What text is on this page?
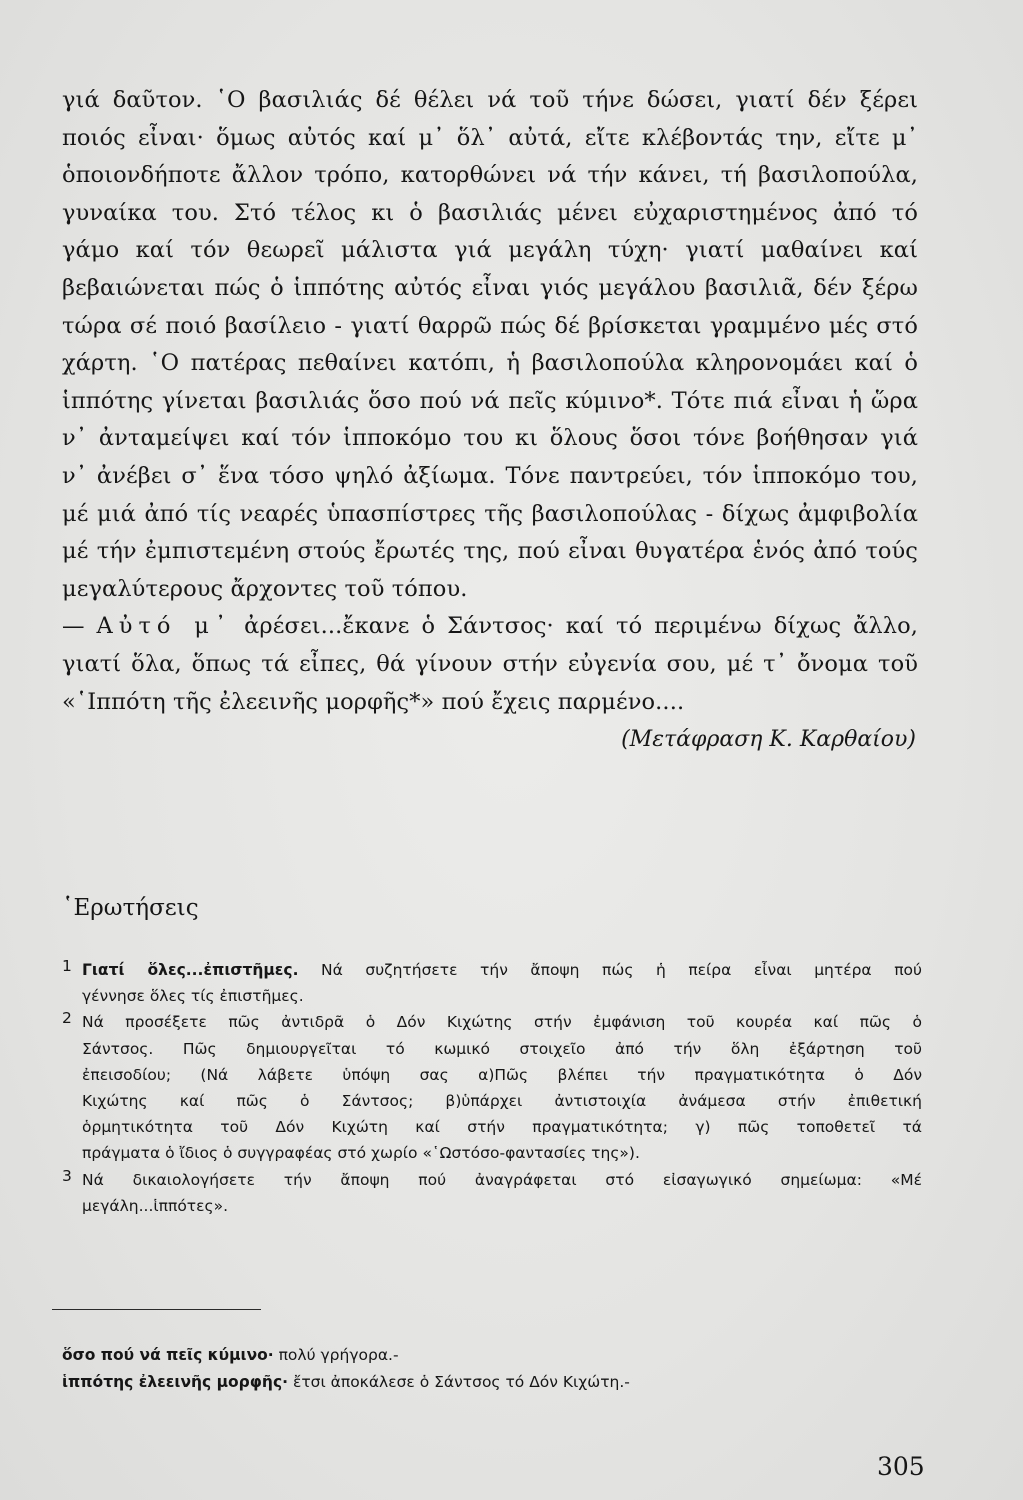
γιά δαῦτον. ῾Ο βασιλιάς δέ θέλει νά τοῦ τήνε δώσει, γιατί δέν ξέρει
ποιός εἶναι· ὅμως αὐτός καί μ᾿ ὅλ᾿ αὐτά, εἴτε κλέβοντάς την, εἴτε μ᾿
ὁποιονδήποτε ἄλλον τρόπο, κατορθώνει νά τήν κάνει, τή βασιλοπούλα,
γυναίκα του. Στό τέλος κι ὁ βασιλιάς μένει εὐχαριστημένος ἀπό τό
γάμο καί τόν θεωρεῖ μάλιστα γιά μεγάλη τύχη· γιατί μαθαίνει καί
βεβαιώνεται πώς ὁ ἱππότης αὐτός εἶναι γιός μεγάλου βασιλιᾶ, δέν ξέρω
τώρα σέ ποιό βασίλειο - γιατί θαρρῶ πώς δέ βρίσκεται γραμμένο μές στό
χάρτη. ῾Ο πατέρας πεθαίνει κατόπι, ἡ βασιλοπούλα κληρονομάει καί ὁ
ἱππότης γίνεται βασιλιάς ὅσο πού νά πεῖς κύμινο*. Τότε πιά εἶναι ἡ ὥρα
ν᾿ ἀνταμείψει καί τόν ἱπποκόμο του κι ὅλους ὅσοι τόνε βοήθησαν γιά
ν᾿ ἀνέβει σ᾿ ἕνα τόσο ψηλό ἀξίωμα. Τόνε παντρεύει, τόν ἱπποκόμο του,
μέ μιά ἀπό τίς νεαρές ὑπασπίστρες τῆς βασιλοπούλας - δίχως ἀμφιβολία
μέ τήν ἐμπιστεμένη στούς ἔρωτές της, πού εἶναι θυγατέρα ἑνός ἀπό τούς
μεγαλύτερους ἄρχοντες τοῦ τόπου.
— Αὐτό μ᾿ ἀρέσει...ἔκανε ὁ Σάντσος· καί τό περιμένω δίχως ἄλλο,
γιατί ὅλα, ὅπως τά εἶπες, θά γίνουν στήν εὐγενία σου, μέ τ᾿ ὄνομα τοῦ
«῾Ιππότη τῆς ἐλεεινῆς μορφῆς*» πού ἔχεις παρμένο....
(Μετάφραση Κ. Καρθαίου)
῾Ερωτήσεις
1 Γιατί ὅλες...ἐπιστῆμες. Νά συζητήσετε τήν ἄποψη πώς ἡ πείρα εἶναι μητέρα πού
γέννησε ὅλες τίς ἐπιστῆμες.
2 Νά προσέξετε πῶς ἀντιδρᾶ ὁ Δόν Κιχώτης στήν ἐμφάνιση τοῦ κουρέα καί πῶς ὁ
Σάντσος. Πῶς δημιουργεῖται τό κωμικό στοιχεῖο ἀπό τήν ὅλη ἐξάρτηση τοῦ
ἐπεισοδίου; (Νά λάβετε ὑπόψη σας α)Πῶς βλέπει τήν πραγματικότητα ὁ Δόν
Κιχώτης καί πῶς ὁ Σάντσος; β)ὑπάρχει ἀντιστοιχία ἀνάμεσα στήν ἐπιθετική
ὁρμητικότητα τοῦ Δόν Κιχώτη καί στήν πραγματικότητα; γ) πῶς τοποθετεῖ τά
πράγματα ὁ ἴδιος ὁ συγγραφέας στό χωρίο «῾Ωστόσο-φαντασίες της»).
3 Νά δικαιολογήσετε τήν ἄποψη πού ἀναγράφεται στό εἰσαγωγικό σημείωμα: «Μέ
μεγάλη...ἱππότες».
ὅσο πού νά πεῖς κύμινο· πολύ γρήγορα.-
ἱππότης ἐλεεινῆς μορφῆς· ἔτσι ἀποκάλεσε ὁ Σάντσος τό Δόν Κιχώτη.-
305
